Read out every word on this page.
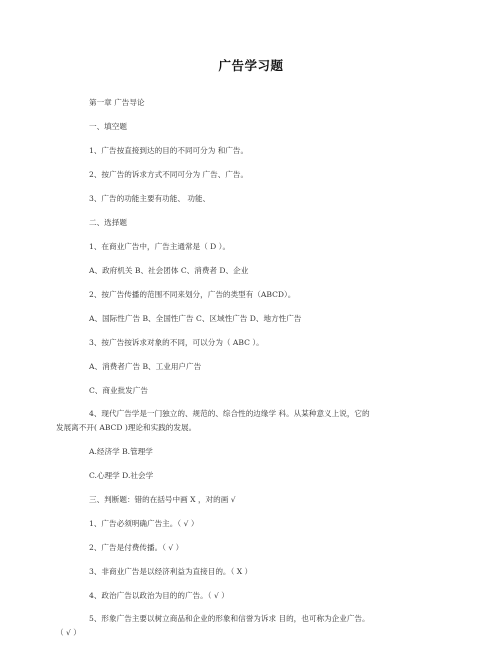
广告学习题
第一章 广告导论
一、填空题
1、广告按直接到达的目的不同可分为 和广告。
2、按广告的诉求方式不同可分为 广告、广告。
3、广告的功能主要有功能、 功能、
二、选择题
1、在商业广告中，广告主通常是（ D ）。
A、政府机关 B、社会团体 C、消费者 D、企业
2、按广告传播的范围不同来划分，广告的类型有（ABCD）。
A、国际性广告 B、全国性广告 C、区域性广告 D、地方性广告
3、按广告按诉求对象的不同，可以分为（ ABC ）。
A、消费者广告 B、工业用户广告
C、商业批发广告
4、现代广告学是一门独立的、规范的、综合性的边缘学 科。从某种意义上说，它的
发展离不开( ABCD )理论和实践的发展。
A.经济学 B.管理学
C.心理学 D.社会学
三、判断题：错的在括号中画 X ，对的画 √
1、广告必须明确广告主。（ √ ）
2、广告是付费传播。（ √ ）
3、非商业广告是以经济利益为直接目的。（ X ）
4、政治广告以政治为目的的广告。（ √ ）
5、形象广告主要以树立商品和企业的形象和信誉为诉求 目的，也可称为企业广告。
（ √ ）
